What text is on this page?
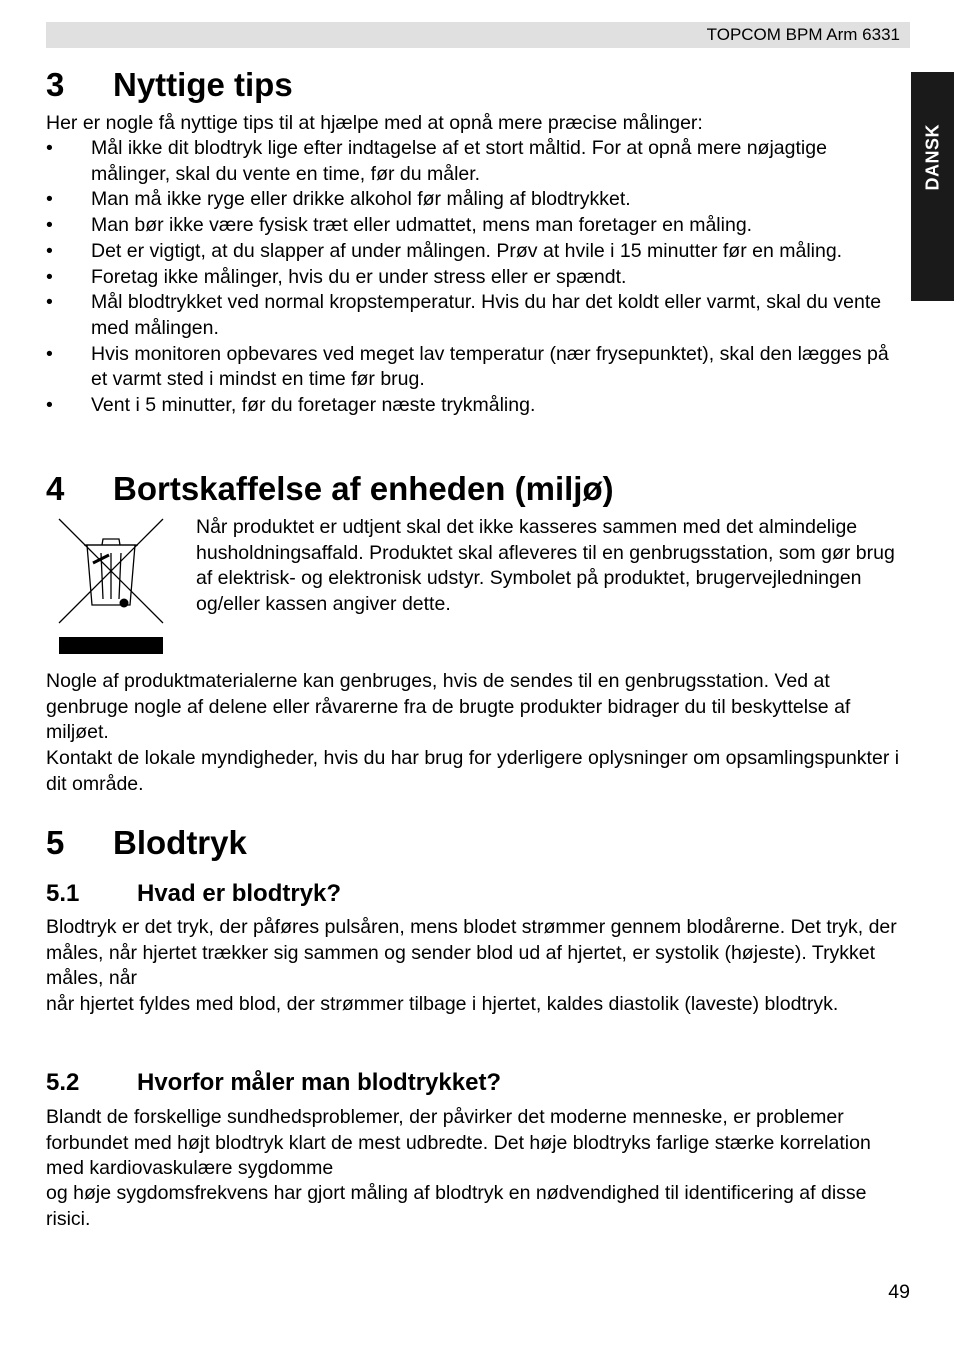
TOPCOM BPM Arm 6331
DANSK
3 Nyttige tips

Her er nogle få nyttige tips til at hjælpe med at opnå mere præcise målinger:

• Mål ikke dit blodtryk lige efter indtagelse af et stort måltid. For at opnå mere nøjagtige målinger, skal du vente en time, før du måler.
• Man må ikke ryge eller drikke alkohol før måling af blodtrykket.
• Man bør ikke være fysisk træt eller udmattet, mens man foretager en måling.
• Det er vigtigt, at du slapper af under målingen. Prøv at hvile i 15 minutter før en måling.
• Foretag ikke målinger, hvis du er under stress eller er spændt.
• Mål blodtrykket ved normal kropstemperatur. Hvis du har det koldt eller varmt, skal du vente med målingen.
• Hvis monitoren opbevares ved meget lav temperatur (nær frysepunktet), skal den lægges på et varmt sted i mindst en time før brug.
• Vent i 5 minutter, før du foretager næste trykmåling.
4 Bortskaffelse af enheden (miljø)
Når produktet er udtjent skal det ikke kasseres sammen med det almindelige husholdningsaffald. Produktet skal afleveres til en genbrugsstation, som gør brug af elektrisk- og elektronisk udstyr. Symbolet på produktet, brugervejledningen og/eller kassen angiver dette.

Nogle af produktmaterialerne kan genbruges, hvis de sendes til en genbrugsstation. Ved at genbruge nogle af delene eller råvarerne fra de brugte produkter bidrager du til beskyttelse af miljøet.

Kontakt de lokale myndigheder, hvis du har brug for yderligere oplysninger om opsamlingspunkter i dit område.

5 Blodtryk
5.1 Hvad er blodtryk?

Blodtryk er det tryk, der påføres pulsåren, mens blodet strømmer gennem blodårerne. Det tryk, der måles, når hjertet trækker sig sammen og sender blod ud af hjertet, er systolik (højeste). Trykket måles, når

når hjertet fyldes med blod, der strømmer tilbage i hjertet, kaldes diastolik (laveste) blodtryk.

5.2 Hvorfor måler man blodtrykket?

Blandt de forskellige sundhedsproblemer, der påvirker det moderne menneske, er problemer forbundet med højt blodtryk klart de mest udbredte. Det høje blodtryks farlige stærke korrelation med kardiovaskulære sygdomme

og høje sygdomsfrekvens har gjort måling af blodtryk en nødvendighed til identificering af disse risici.

49
